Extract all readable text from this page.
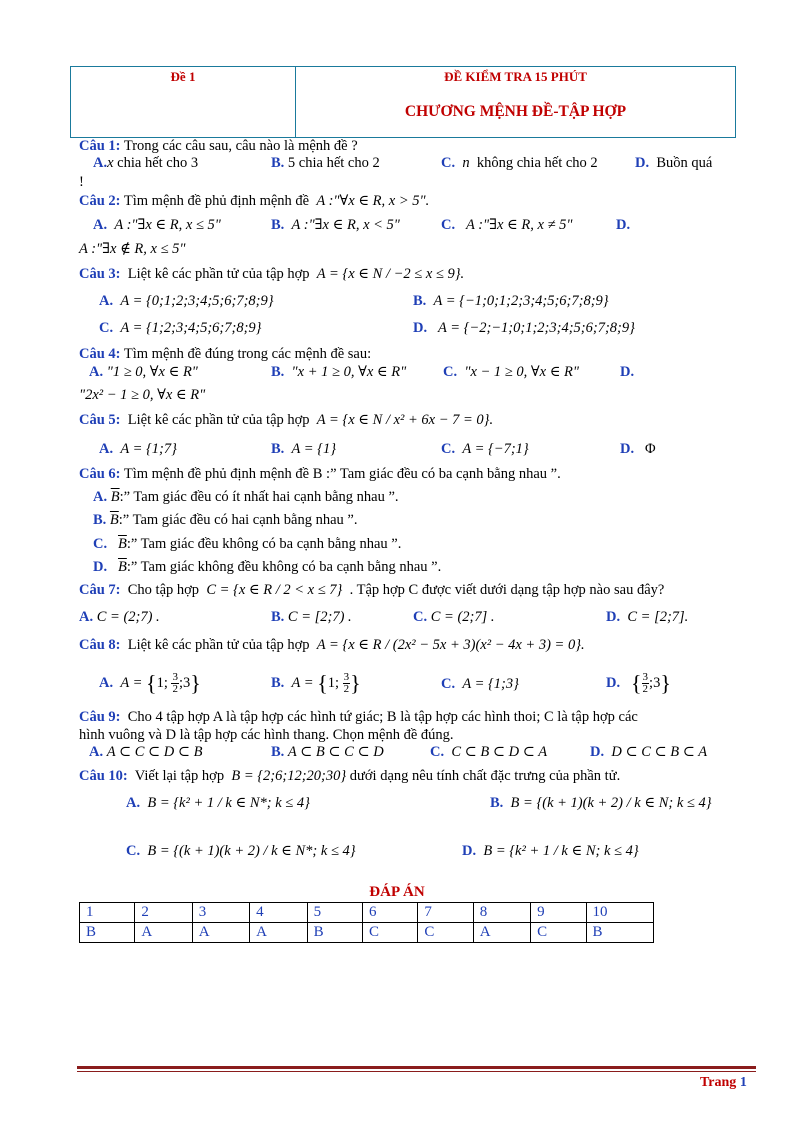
Đề 1	ĐỀ KIỂM TRA 15 PHÚT
CHƯƠNG MỆNH ĐỀ-TẬP HỢP
Câu 1: Trong các câu sau, câu nào là mệnh đề ?
A.x chia hết cho 3	B. 5 chia hết cho 2	C. n không chia hết cho 2	D. Buồn quá
!
Câu 2: Tìm mệnh đề phủ định mệnh đề A :"∀x ∈ R, x > 5".
A. A :"∃x ∈ R, x ≤ 5"	B. A :"∃x ∈ R, x < 5"	C. A :"∃x ∈ R, x ≠ 5"	D.
A :"∃x ∉ R, x ≤ 5"
Câu 3: Liệt kê các phần tử của tập hợp A = {x ∈ N / −2 ≤ x ≤ 9}.
A. A = {0;1;2;3;4;5;6;7;8;9}	B. A = {−1;0;1;2;3;4;5;6;7;8;9}
C. A = {1;2;3;4;5;6;7;8;9}	D. A = {−2;−1;0;1;2;3;4;5;6;7;8;9}
Câu 4: Tìm mệnh đề đúng trong các mệnh đề sau:
A. "1 ≥ 0, ∀x ∈ R"	B. "x + 1 ≥ 0, ∀x ∈ R"	C. "x − 1 ≥ 0, ∀x ∈ R"	D.
"2x² − 1 ≥ 0, ∀x ∈ R"
Câu 5: Liệt kê các phần tử của tập hợp A = {x ∈ N / x² + 6x − 7 = 0}.
A. A = {1;7}	B. A = {1}	C. A = {−7;1}	D. Φ
Câu 6: Tìm mệnh đề phủ định mệnh đề B :” Tam giác đều có ba cạnh bằng nhau ”.
A. $\overline{B}$:” Tam giác đều có ít nhất hai cạnh bằng nhau ”.
B. $\overline{B}$:” Tam giác đều có hai cạnh bằng nhau ”.
C. $\overline{B}$:” Tam giác đều không có ba cạnh bằng nhau ”.
D. $\overline{B}$:” Tam giác không đều không có ba cạnh bằng nhau ”.
Câu 7: Cho tập hợp C = {x ∈ R / 2 < x ≤ 7} . Tập hợp C được viết dưới dạng tập hợp nào sau đây?
A. C = (2;7) .	B. C = [2;7) .	C. C = (2;7] .	D. C = [2;7].
Câu 8: Liệt kê các phần tử của tập hợp A = {x ∈ R / (2x² − 5x + 3)(x² − 4x + 3) = 0}.
A. A = {1; $\frac{3}{2}$ ;3}	B. A = {1; $\frac{3}{2}$ }	C. A = {1;3}	D. { $\frac{3}{2}$ ;3}
Câu 9: Cho 4 tập hợp A là tập hợp các hình tứ giác; B là tập hợp các hình thoi; C là tập hợp các
hình vuông và D là tập hợp các hình thang. Chọn mệnh đề đúng.
A. A ⊂ C ⊂ D ⊂ B	B. A ⊂ B ⊂ C ⊂ D	C. C ⊂ B ⊂ D ⊂ A	D. D ⊂ C ⊂ B ⊂ A
Câu 10: Viết lại tập hợp B = {2;6;12;20;30} dưới dạng nêu tính chất đặc trưng của phần tử.
A. B = {k² + 1 / k ∈ N*; k ≤ 4}	B. B = {(k + 1)(k + 2) / k ∈ N; k ≤ 4}
C. B = {(k + 1)(k + 2) / k ∈ N*; k ≤ 4}	D. B = {k² + 1 / k ∈ N; k ≤ 4}
ĐÁP ÁN
1	2	3	4	5	6	7	8	9	10
B	A	A	A	B	C	C	A	C	B
Trang 1
